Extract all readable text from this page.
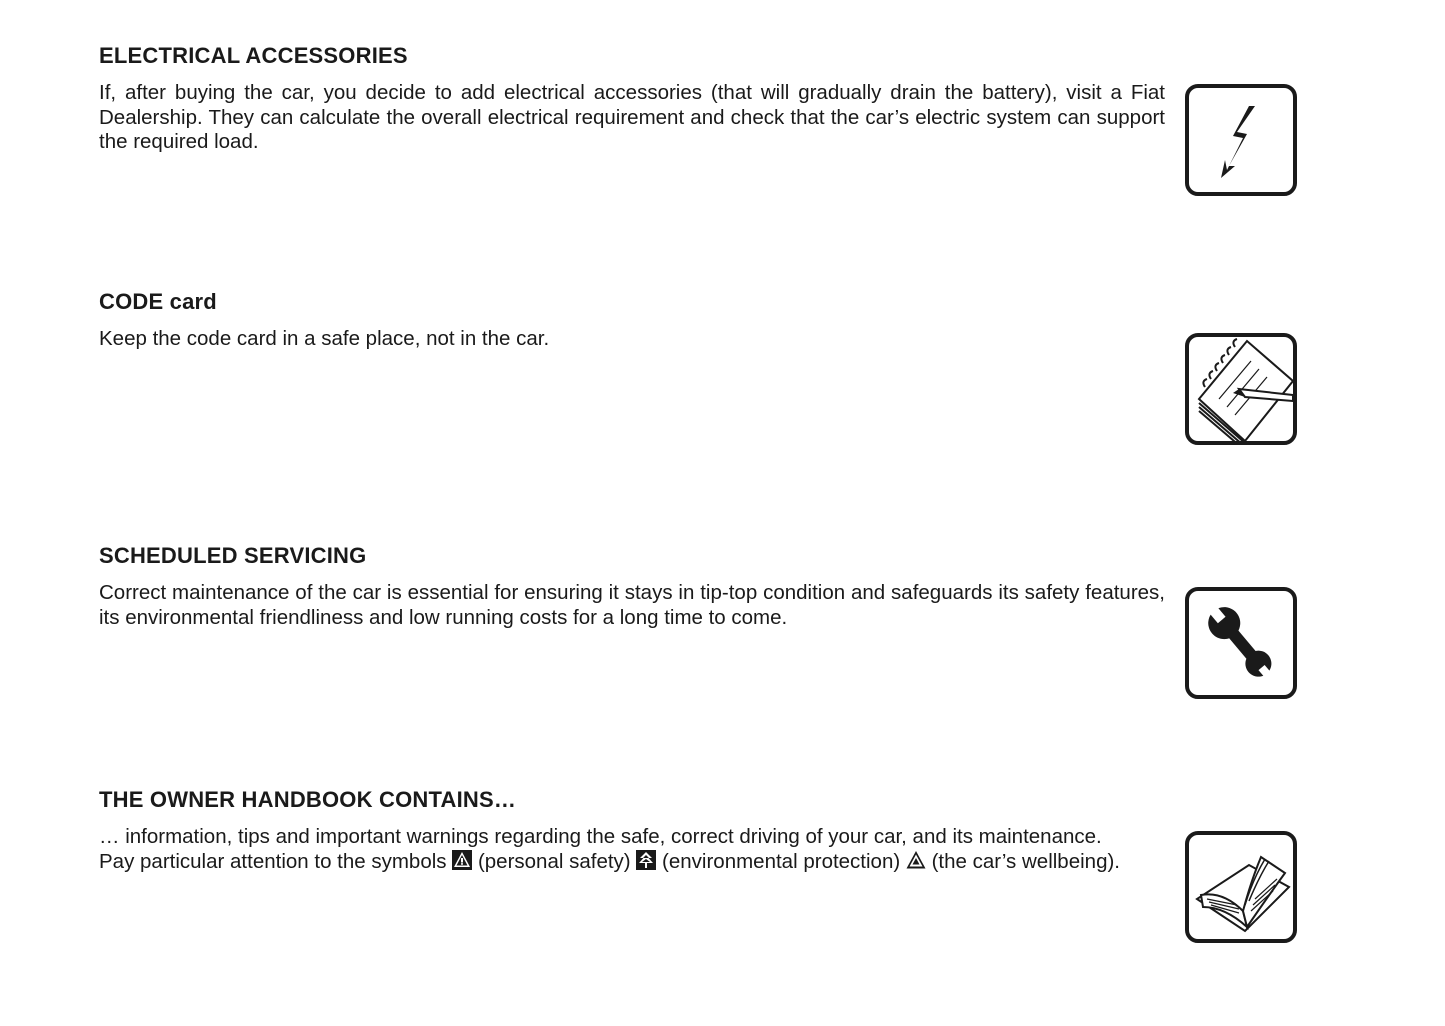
ELECTRICAL ACCESSORIES

If, after buying the car, you decide to add electrical accessories (that will gradually drain the battery), visit a Fiat Dealership. They can calculate the overall electrical requirement and check that the car’s electric system can support the required load.

CODE card

Keep the code card in a safe place, not in the car.

SCHEDULED SERVICING

Correct maintenance of the car is essential for ensuring it stays in tip-top condition and safeguards its safety features, its environmental friendliness and low running costs for a long time to come.

THE OWNER HANDBOOK CONTAINS…

… information, tips and important warnings regarding the safe, correct driving of your car, and its maintenance.
Pay particular attention to the symbols (personal safety) (environmental protection) (the car’s wellbeing).
